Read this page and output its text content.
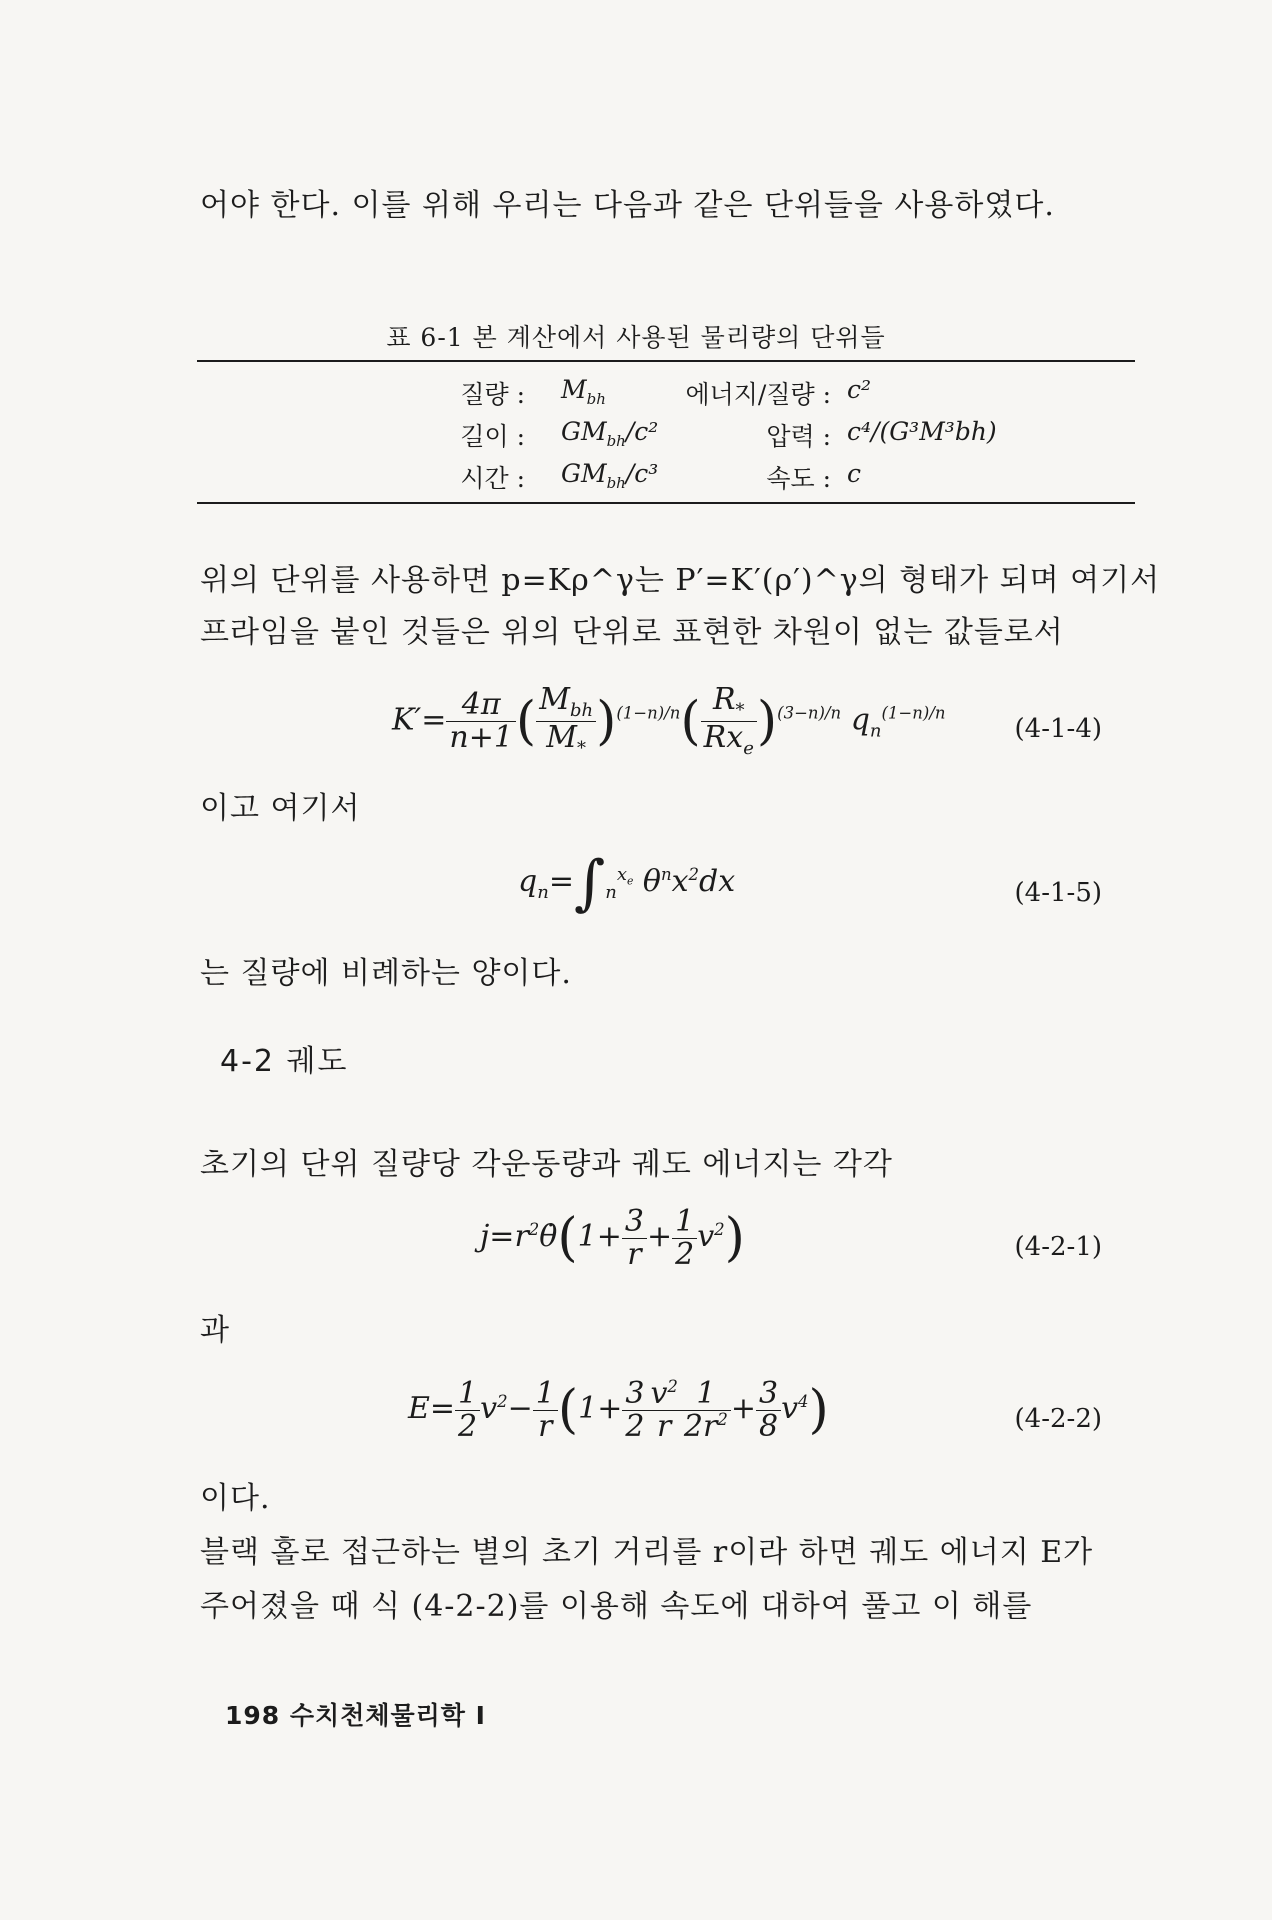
어야 한다. 이를 위해 우리는 다음과 같은 단위들을 사용하였다.
표 6-1 본 계산에서 사용된 물리량의 단위들
질량 : $M_{bh}$	에너지/질량 : c²
길이 : $GM_{bh}/c^2$	압력 : c⁴/(G³M³bh)
시간 : $GM_{bh}/c^3$	속도 : c
위의 단위를 사용하면 p=Kρ^γ는 P′=K′(ρ′)^γ의 형태가 되며 여기서
프라임을 붙인 것들은 위의 단위로 표현한 차원이 없는 값들로서
$K'= \frac{4\pi}{n+1}$ ( $\frac{M_{bh}}{M_*} )^{(1-n)/n}( \frac{R_*}{Rx_e} )^{(3-n)/n}$ $q_n^{(1-n)/n}$
(4-1-4)
이고 여기서
$q_n=\int_n^{x_e}$ $\theta^nx^2dx$	(4-1-5)
는 질량에 비례하는 양이다.
4-2 궤도
초기의 단위 질량당 각운동량과 궤도 에너지는 각각
$j=r^2\thetȧ(1+ \frac{3}{r} + \frac{1}{2} v^2)$	(4-2-1)
과
$E= \frac{1}{2} v^2- \frac{1}{r} (1+ \frac{3}{2} \frac{v^2}{r} \frac{1}{2r^2} + \frac{3}{8} v^4)$	(4-2-2)
이다.
블랙 홀로 접근하는 별의 초기 거리를 r이라 하면 궤도 에너지 E가
주어졌을 때 식 (4-2-2)를 이용해 속도에 대하여 풀고 이 해를
198 수치천체물리학 I
